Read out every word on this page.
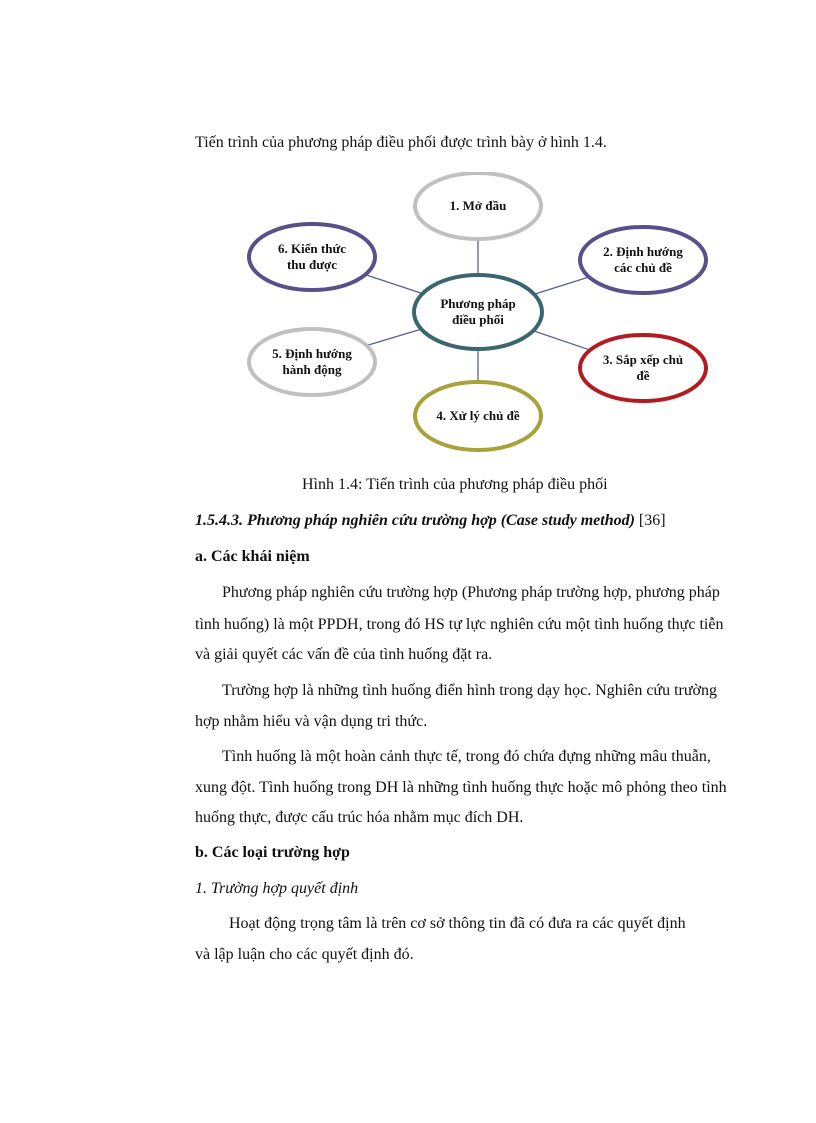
Tiến trình của phương pháp điều phối được trình bày ở hình 1.4.
1. Mở đầu
2. Định hướng
các chủ đề
3. Sắp xếp chủ
đề
4. Xử lý chủ đề
5. Định hướng
hành động
6. Kiến thức
thu được
Phương pháp
điều phối
Hình 1.4: Tiến trình của phương pháp điều phối
1.5.4.3. Phương pháp nghiên cứu trường hợp (Case study method) [36]
a. Các khái niệm
Phương pháp nghiên cứu trường hợp (Phương pháp trường hợp, phương pháp
tình huống) là một PPDH, trong đó HS tự lực nghiên cứu một tình huống thực tiễn
và giải quyết các vấn đề của tình huống đặt ra.
Trường hợp là những tình huống điển hình trong dạy học. Nghiên cứu trường
hợp nhằm hiểu và vận dụng tri thức.
Tình huống là một hoàn cảnh thực tế, trong đó chứa đựng những mâu thuẫn,
xung đột. Tình huống trong DH là những tình huống thực hoặc mô phỏng theo tình
huống thực, được cấu trúc hóa nhằm mục đích DH.
b. Các loại trường hợp
1. Trường hợp quyết định
Hoạt động trọng tâm là trên cơ sở thông tin đã có đưa ra các quyết định
và lập luận cho các quyết định đó.
